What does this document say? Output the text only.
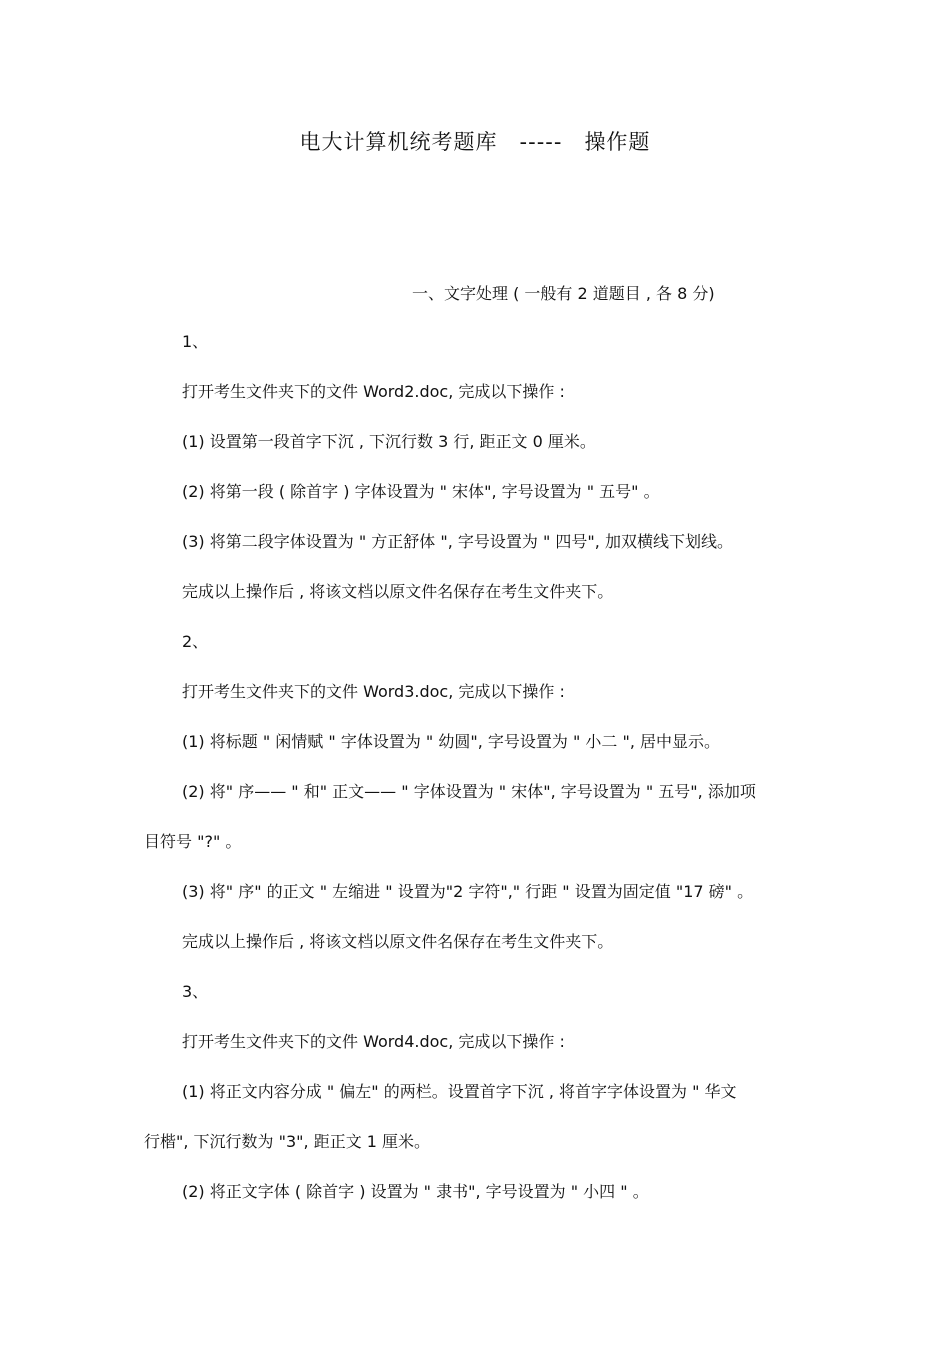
电大计算机统考题库 ----- 操作题
一、文字处理 ( 一般有 2 道题目 , 各 8 分)
1、
打开考生文件夹下的文件 Word2.doc, 完成以下操作 :
(1) 设置第一段首字下沉 , 下沉行数 3 行, 距正文 0 厘米。
(2) 将第一段 ( 除首字 ) 字体设置为 " 宋体", 字号设置为 " 五号" 。
(3) 将第二段字体设置为 " 方正舒体 ", 字号设置为 " 四号", 加双横线下划线。
完成以上操作后 , 将该文档以原文件名保存在考生文件夹下。
2、
打开考生文件夹下的文件 Word3.doc, 完成以下操作 :
(1) 将标题 " 闲情赋 " 字体设置为 " 幼圆", 字号设置为 " 小二 ", 居中显示。
(2) 将" 序—— " 和" 正文—— " 字体设置为 " 宋体", 字号设置为 " 五号", 添加项
目符号 "?" 。
(3) 将" 序" 的正文 " 左缩进 " 设置为"2 字符"," 行距 " 设置为固定值 "17 磅" 。
完成以上操作后 , 将该文档以原文件名保存在考生文件夹下。
3、
打开考生文件夹下的文件 Word4.doc, 完成以下操作 :
(1) 将正文内容分成 " 偏左" 的两栏。设置首字下沉 , 将首字字体设置为 " 华文
行楷", 下沉行数为 "3", 距正文 1 厘米。
(2) 将正文字体 ( 除首字 ) 设置为 " 隶书", 字号设置为 " 小四 " 。
